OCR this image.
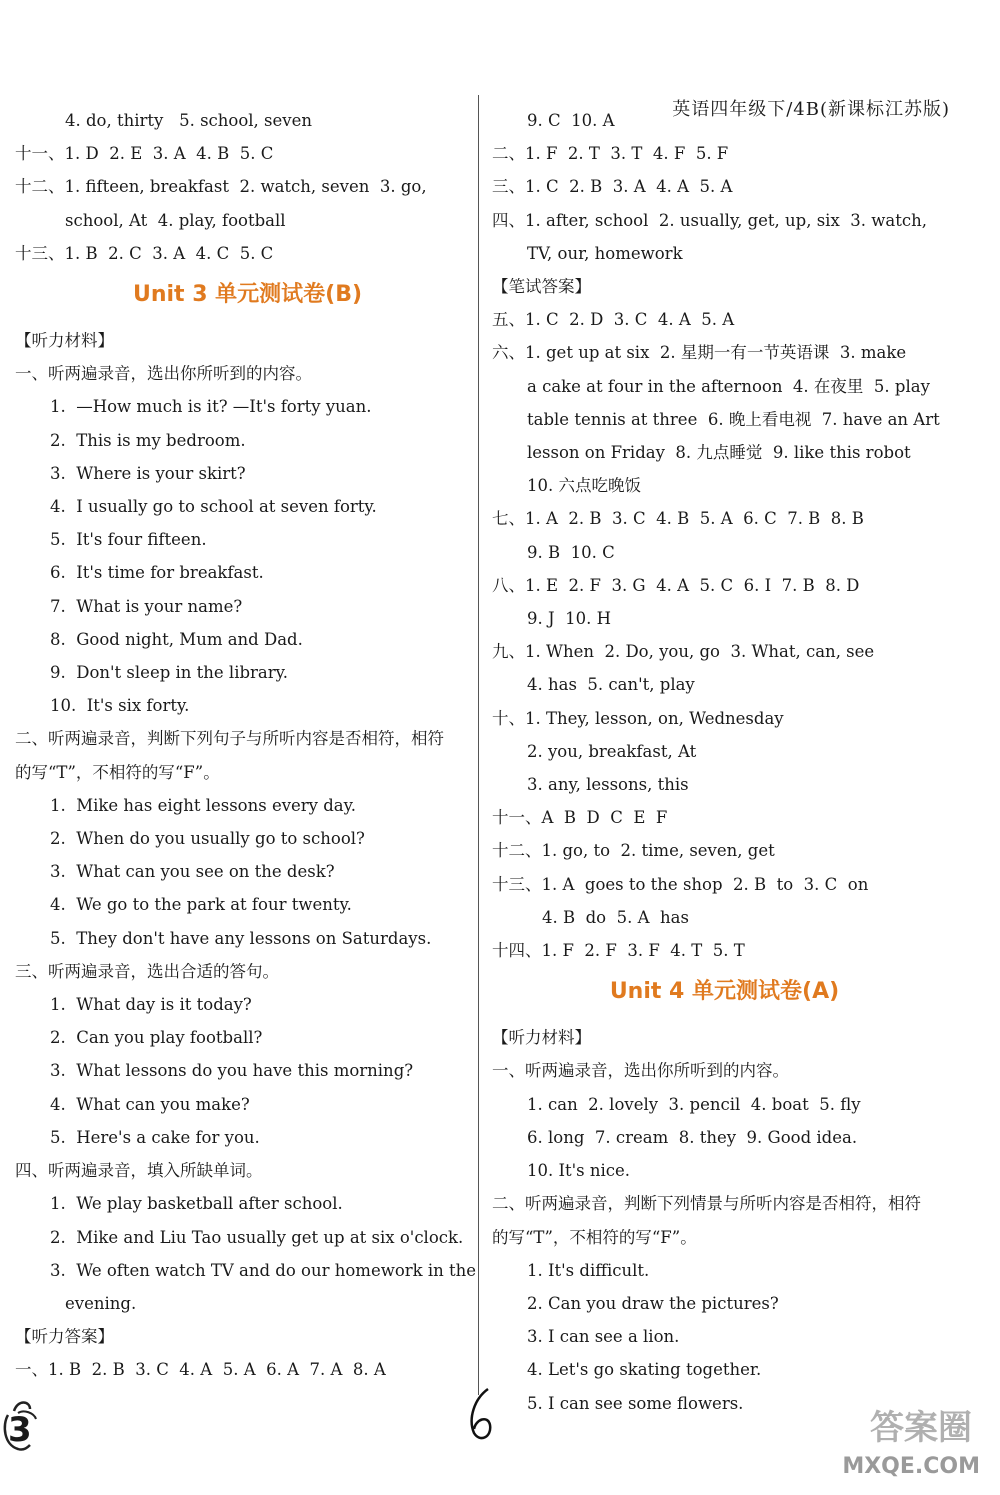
英语四年级下/4B(新课标江苏版)
4. do, thirty   5. school, seven
十一、1. D  2. E  3. A  4. B  5. C
十二、1. fifteen, breakfast  2. watch, seven  3. go,
school, At  4. play, football
十三、1. B  2. C  3. A  4. C  5. C
Unit 3 单元测试卷(B)
【听力材料】
一、听两遍录音，选出你所听到的内容。
1.  —How much is it? —It's forty yuan.
2.  This is my bedroom.
3.  Where is your skirt?
4.  I usually go to school at seven forty.
5.  It's four fifteen.
6.  It's time for breakfast.
7.  What is your name?
8.  Good night, Mum and Dad.
9.  Don't sleep in the library.
10.  It's six forty.
二、听两遍录音，判断下列句子与所听内容是否相符，相符
的写“T”，不相符的写“F”。
1.  Mike has eight lessons every day.
2.  When do you usually go to school?
3.  What can you see on the desk?
4.  We go to the park at four twenty.
5.  They don't have any lessons on Saturdays.
三、听两遍录音，选出合适的答句。
1.  What day is it today?
2.  Can you play football?
3.  What lessons do you have this morning?
4.  What can you make?
5.  Here's a cake for you.
四、听两遍录音，填入所缺单词。
1.  We play basketball after school.
2.  Mike and Liu Tao usually get up at six o'clock.
3.  We often watch TV and do our homework in the
evening.
【听力答案】
一、1. B  2. B  3. C  4. A  5. A  6. A  7. A  8. A
9. C  10. A
二、1. F  2. T  3. T  4. F  5. F
三、1. C  2. B  3. A  4. A  5. A
四、1. after, school  2. usually, get, up, six  3. watch,
TV, our, homework
【笔试答案】
五、1. C  2. D  3. C  4. A  5. A
六、1. get up at six  2. 星期一有一节英语课  3. make
a cake at four in the afternoon  4. 在夜里  5. play
table tennis at three  6. 晚上看电视  7. have an Art
lesson on Friday  8. 九点睡觉  9. like this robot
10. 六点吃晚饭
七、1. A  2. B  3. C  4. B  5. A  6. C  7. B  8. B
9. B  10. C
八、1. E  2. F  3. G  4. A  5. C  6. I  7. B  8. D
9. J  10. H
九、1. When  2. Do, you, go  3. What, can, see
4. has  5. can't, play
十、1. They, lesson, on, Wednesday
2. you, breakfast, At
3. any, lessons, this
十一、A  B  D  C  E  F
十二、1. go, to  2. time, seven, get
十三、1. A  goes to the shop  2. B  to  3. C  on
4. B  do  5. A  has
十四、1. F  2. F  3. F  4. T  5. T
Unit 4 单元测试卷(A)
【听力材料】
一、听两遍录音，选出你所听到的内容。
1. can  2. lovely  3. pencil  4. boat  5. fly
6. long  7. cream  8. they  9. Good idea.
10. It's nice.
二、听两遍录音，判断下列情景与所听内容是否相符，相符
的写“T”，不相符的写“F”。
1. It's difficult.
2. Can you draw the pictures?
3. I can see a lion.
4. Let's go skating together.
5. I can see some flowers.
3	答案圈
MXQE.COM
